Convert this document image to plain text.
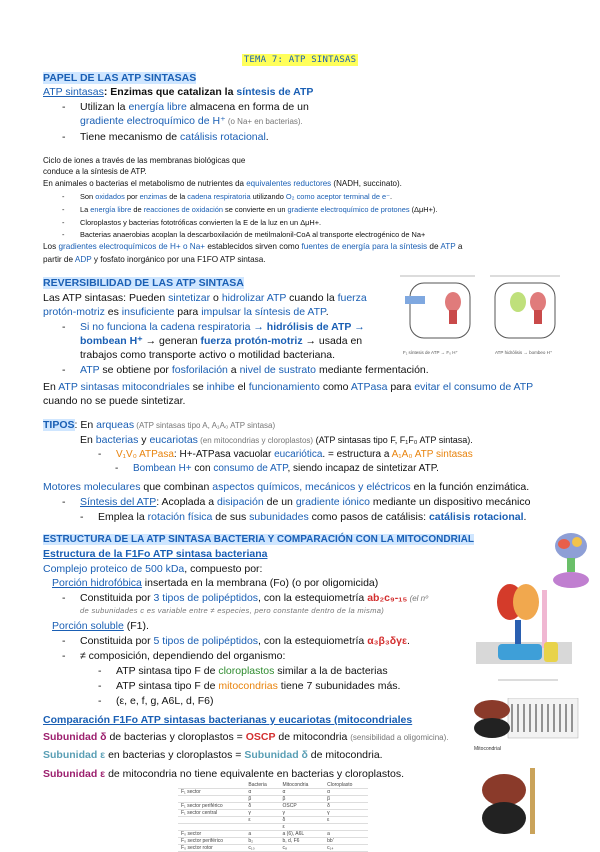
TEMA 7: ATP SINTASAS
PAPEL DE LAS ATP SINTASAS
ATP sintasas: Enzimas que catalizan la síntesis de ATP
- Utilizan la energía libre almacena en forma de un
gradiente electroquímico de H⁺ (o Na+ en bacterias).
- Tiene mecanismo de catálisis rotacional.
Ciclo de iones a través de las membranas biológicas que
conduce a la síntesis de ATP.
En animales o bacterias el metabolismo de nutrientes da equivalentes reductores (NADH, succinato).
- Son oxidados por enzimas de la cadena respiratoria utilizando O₂ como aceptor terminal de e⁻.
- La energía libre de reacciones de oxidación se convierte en un gradiente electroquímico de protones (ΔμH+).
- Cloroplastos y bacterias fototróficas convierten la E de la luz en un ΔμH+.
- Bacterias anaerobias acoplan la descarboxilación de metilmalonil-CoA al transporte electrogénico de Na+
Los gradientes electroquímicos de H+ o Na+ establecidos sirven como fuentes de energía para la síntesis de ATP a
partir de ADP y fosfato inorgánico por una F1FO ATP sintasa.
REVERSIBILIDAD DE LAS ATP SINTASA
Las ATP sintasas: Pueden sintetizar o hidrolizar ATP cuando la fuerza
protón-motriz es insuficiente para impulsar la síntesis de ATP.
- Si no funciona la cadena respiratoria → hidrólisis de ATP →
bombean H⁺ → generan fuerza protón-motriz → usada en
trabajos como transporte activo o motilidad bacteriana.
- ATP se obtiene por fosforilación a nivel de sustrato mediante fermentación.
En ATP sintasas mitocondriales se inhibe el funcionamiento como ATPasa para evitar el consumo de ATP
cuando no se puede sintetizar.
F₁ síntesis de ATP → F₀ H⁺	ATP hidrólisis → bombeo H⁺
TIPOS: En arqueas (ATP sintasas tipo A, A₁A₀ ATP sintasa)
En bacterias y eucariotas (en mitocondrias y cloroplastos) (ATP sintasas tipo F, F₁F₀ ATP sintasa).
- V₁V₀ ATPasa: H+-ATPasa vacuolar eucariótica. = estructura a A₁A₀ ATP sintasas
- Bombean H+ con consumo de ATP, siendo incapaz de sintetizar ATP.
Motores moleculares que combinan aspectos químicos, mecánicos y eléctricos en la función enzimática.
- Síntesis del ATP: Acoplada a disipación de un gradiente iónico mediante un dispositivo mecánico
- Emplea la rotación física de sus subunidades como pasos de catálisis: catálisis rotacional.
ESTRUCTURA DE LA ATP SINTASA BACTERIA Y COMPARACIÓN CON LA MITOCONDRIAL
Estructura de la F1Fo ATP sintasa bacteriana
Complejo proteico de 500 kDa, compuesto por:
Porción hidrofóbica insertada en la membrana (Fo) (o por oligomicida)
- Constituida por 3 tipos de polipéptidos, con la estequiometría ab₂c₉-₁₅ (el nº
de subunidades c es variable entre ≠ especies, pero constante dentro de la misma)
Porción soluble (F1).
- Constituida por 5 tipos de polipéptidos, con la estequiometría α₃β₃δγε.
- ≠ composición, dependiendo del organismo:
- ATP sintasa tipo F de cloroplastos similar a la de bacterias
- ATP sintasa tipo F de mitocondrias tiene 7 subunidades más.
- (ε, e, f, g, A6L, d, F6)
Mitocondrial
Comparación F1Fo ATP sintasas bacterianas y eucariotas (mitocondriales
Subunidad δ de bacterias y cloroplastos = OSCP de mitocondria (sensibilidad a oligomicina).
Subunidad ε en bacterias y cloroplastos = Subunidad δ de mitocondria.
Subunidad ε de mitocondria no tiene equivalente en bacterias y cloroplastos.
	Bacteria	Mitocondria	Cloroplasto
F₁ sector	α	α	α
	β	β	β
F₁ sector periférico	δ	OSCP	δ
F₁ sector central	γ	γ	γ
	ε	δ	ε
		ε	
F₀ sector	a	a (6), A6L	a
F₀ sector periférico	b₂	b, d, F6	bb'
F₀ sector rotor	c₁₀	c₈	c₁₄
